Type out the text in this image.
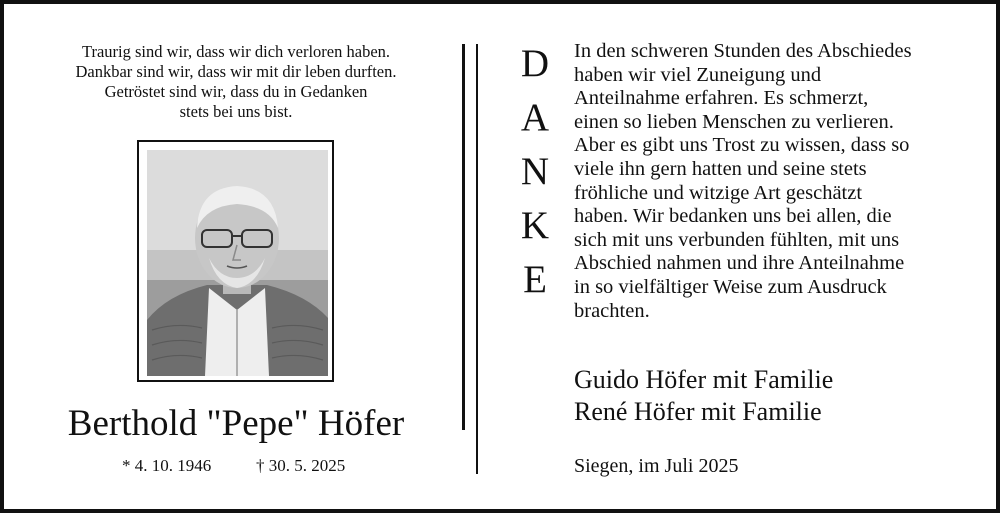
Traurig sind wir, dass wir dich verloren haben.
Dankbar sind wir, dass wir mit dir leben durften.
Getröstet sind wir, dass du in Gedanken
stets bei uns bist.
Berthold "Pepe" Höfer
* 4. 10. 1946	† 30. 5. 2025
D
A
N
K
E
In den schweren Stunden des Abschiedes
haben wir viel Zuneigung und
Anteilnahme erfahren. Es schmerzt,
einen so lieben Menschen zu verlieren.
Aber es gibt uns Trost zu wissen, dass so
viele ihn gern hatten und seine stets
fröhliche und witzige Art geschätzt
haben. Wir bedanken uns bei allen, die
sich mit uns verbunden fühlten, mit uns
Abschied nahmen und ihre Anteilnahme
in so vielfältiger Weise zum Ausdruck
brachten.
Guido Höfer mit Familie
René Höfer mit Familie
Siegen, im Juli 2025
